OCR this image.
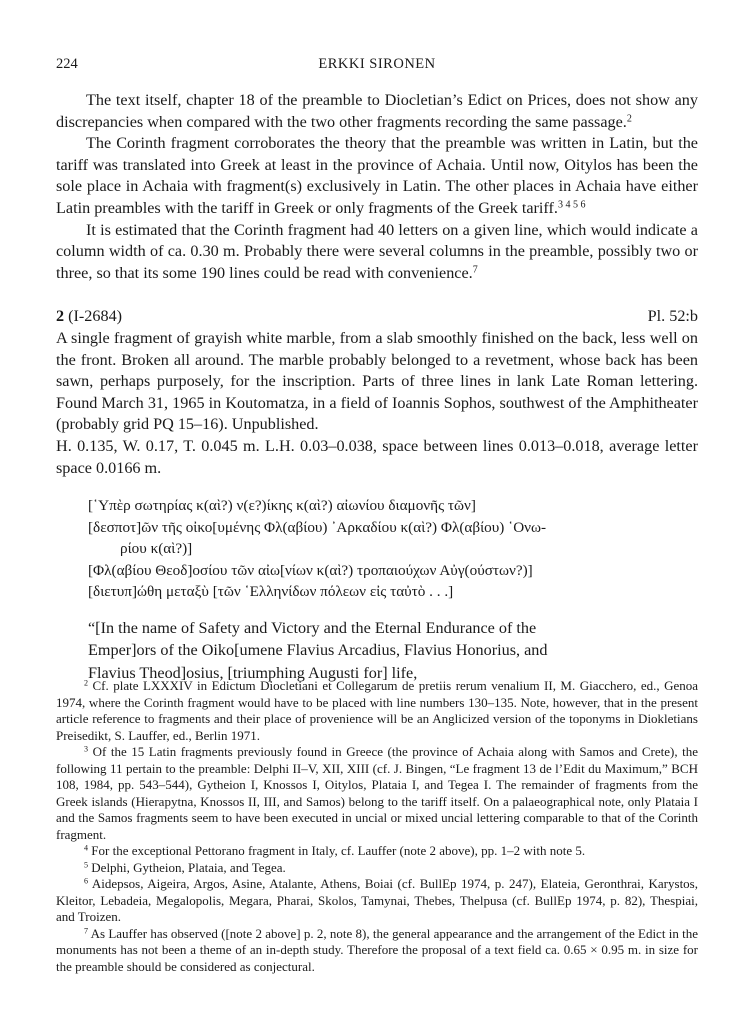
224	ERKKI SIRONEN

The text itself, chapter 18 of the preamble to Diocletian’s Edict on Prices, does not show any discrepancies when compared with the two other fragments recording the same passage.$^2$

The Corinth fragment corroborates the theory that the preamble was written in Latin, but the tariff was translated into Greek at least in the province of Achaia. Until now, Oitylos has been the sole place in Achaia with fragment(s) exclusively in Latin. The other places in Achaia have either Latin preambles with the tariff in Greek or only fragments of the Greek tariff.$^{3 4 5 6}$

It is estimated that the Corinth fragment had 40 letters on a given line, which would indicate a column width of ca. 0.30 m. Probably there were several columns in the preamble, possibly two or three, so that its some 190 lines could be read with convenience.$^7$

2 (I-2684)	Pl. 52:b

A single fragment of grayish white marble, from a slab smoothly finished on the back, less well on the front. Broken all around. The marble probably belonged to a revetment, whose back has been sawn, perhaps purposely, for the inscription. Parts of three lines in lank Late Roman lettering. Found March 31, 1965 in Koutomatza, in a field of Ioannis Sophos, southwest of the Amphitheater (probably grid PQ 15–16). Unpublished.

H. 0.135, W. 0.17, T. 0.045 m. L.H. 0.03–0.038, space between lines 0.013–0.018, average letter space 0.0166 m.

[῾Υπὲρ σωτηρίας κ(αὶ?) ν(ε?)ίκης κ(αὶ?) αἰωνίου διαμονῆς τῶν]

[δεσποτ]ῶν τῆς οἰκο[υμένης Φλ(αβίου) ᾿Αρκαδίου κ(αὶ?) Φλ(αβίου) ῾Ονω-

ρίου κ(αὶ?)]

[Φλ(αβίου Θεοδ]οσίου τῶν αἰω[νίων κ(αὶ?) τροπαιούχων Αὐγ(ούστων?)]

[διετυπ]ώθη μεταξὺ [τῶν ῾Ελληνίδων πόλεων εἰς ταὐτὸ . . .]

“[In the name of Safety and Victory and the Eternal Endurance of the

Emper]ors of the Oiko[umene Flavius Arcadius, Flavius Honorius, and

Flavius Theod]osius, [triumphing Augusti for] life,

$^2$ Cf. plate LXXXIV in Edictum Diocletiani et Collegarum de pretiis rerum venalium II, M. Giacchero, ed., Genoa 1974, where the Corinth fragment would have to be placed with line numbers 130–135. Note, however, that in the present article reference to fragments and their place of provenience will be an Anglicized version of the toponyms in Diokletians Preisedikt, S. Lauffer, ed., Berlin 1971.

$^3$ Of the 15 Latin fragments previously found in Greece (the province of Achaia along with Samos and Crete), the following 11 pertain to the preamble: Delphi II–V, XII, XIII (cf. J. Bingen, “Le fragment 13 de l’Edit du Maximum,” BCH 108, 1984, pp. 543–544), Gytheion I, Knossos I, Oitylos, Plataia I, and Tegea I. The remainder of fragments from the Greek islands (Hierapytna, Knossos II, III, and Samos) belong to the tariff itself. On a palaeographical note, only Plataia I and the Samos fragments seem to have been executed in uncial or mixed uncial lettering comparable to that of the Corinth fragment.

$^4$ For the exceptional Pettorano fragment in Italy, cf. Lauffer (note 2 above), pp. 1–2 with note 5.

$^5$ Delphi, Gytheion, Plataia, and Tegea.

$^6$ Aidepsos, Aigeira, Argos, Asine, Atalante, Athens, Boiai (cf. BullEp 1974, p. 247), Elateia, Geronthrai, Karystos, Kleitor, Lebadeia, Megalopolis, Megara, Pharai, Skolos, Tamynai, Thebes, Thelpusa (cf. BullEp 1974, p. 82), Thespiai, and Troizen.

$^7$ As Lauffer has observed ([note 2 above] p. 2, note 8), the general appearance and the arrangement of the Edict in the monuments has not been a theme of an in-depth study. Therefore the proposal of a text field ca. 0.65 × 0.95 m. in size for the preamble should be considered as conjectural.
